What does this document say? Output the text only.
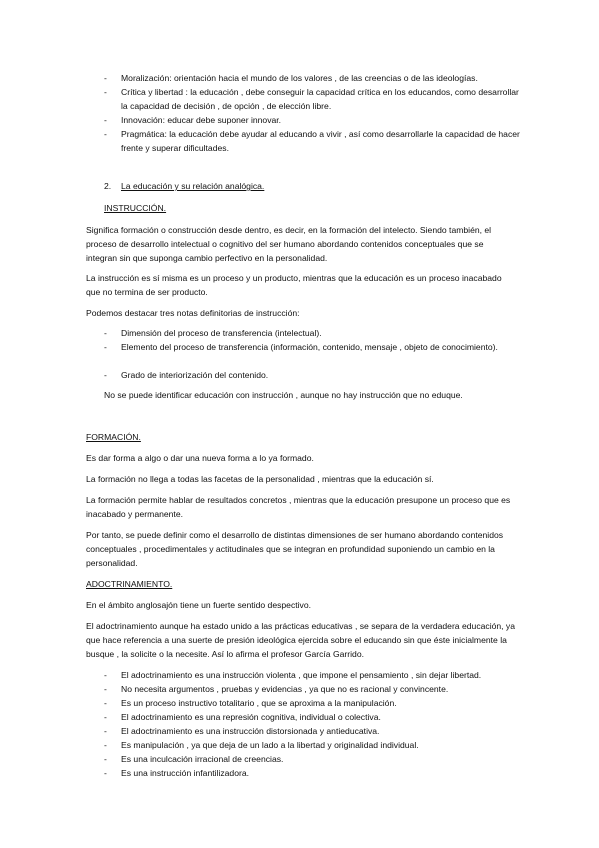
-	Moralización: orientación hacia el mundo de los valores , de las creencias o de las ideologías.

-	Crítica y libertad : la educación , debe conseguir la capacidad crítica en los educandos, como desarrollar la capacidad de decisión , de opción , de elección libre.

-	Innovación: educar debe suponer innovar.

-	Pragmática: la educación debe ayudar al educando a vivir , así como desarrollarle la capacidad de hacer frente y superar dificultades.

2.	La educación y su relación analógica.

INSTRUCCIÓN.

Significa formación o construcción desde dentro, es decir, en la formación del intelecto. Siendo también, el proceso de desarrollo intelectual o cognitivo del ser humano abordando contenidos conceptuales que se integran sin que suponga cambio perfectivo en la personalidad.

La instrucción es sí misma es un proceso y un producto, mientras que la educación es un proceso inacabado que no termina de ser producto.

Podemos destacar tres notas definitorias de instrucción:

-	Dimensión del proceso de transferencia (intelectual).

-	Elemento del proceso de transferencia (información, contenido, mensaje , objeto de conocimiento).

-	Grado de interiorización del contenido.

No se puede identificar educación con instrucción , aunque no hay instrucción que no eduque.

FORMACIÓN.

Es dar forma a algo o dar una nueva forma a lo ya formado.

La formación no llega a todas las facetas de la personalidad , mientras que la educación sí.

La formación permite hablar de resultados concretos , mientras que la educación presupone un proceso que es inacabado y permanente.

Por tanto, se puede definir como el desarrollo de distintas dimensiones de ser humano abordando contenidos conceptuales , procedimentales y actitudinales que se integran en profundidad suponiendo un cambio en la personalidad.

ADOCTRINAMIENTO.

En el ámbito anglosajón tiene un fuerte sentido despectivo.

El adoctrinamiento aunque ha estado unido a las prácticas educativas , se separa de la verdadera educación, ya que hace referencia a una suerte de presión ideológica ejercida sobre el educando sin que éste inicialmente la busque , la solicite o la necesite. Así lo afirma el profesor García Garrido.

-	El adoctrinamiento es una instrucción violenta , que impone el pensamiento , sin dejar libertad.

-	No necesita argumentos , pruebas y evidencias , ya que no es racional y convincente.

-	Es un proceso instructivo totalitario , que se aproxima a la manipulación.

-	El adoctrinamiento es una represión cognitiva, individual o colectiva.

-	El adoctrinamiento es una instrucción distorsionada y antieducativa.

-	Es manipulación , ya que deja de un lado a la libertad y originalidad individual.

-	Es una inculcación irracional de creencias.

-	Es una instrucción infantilizadora.
